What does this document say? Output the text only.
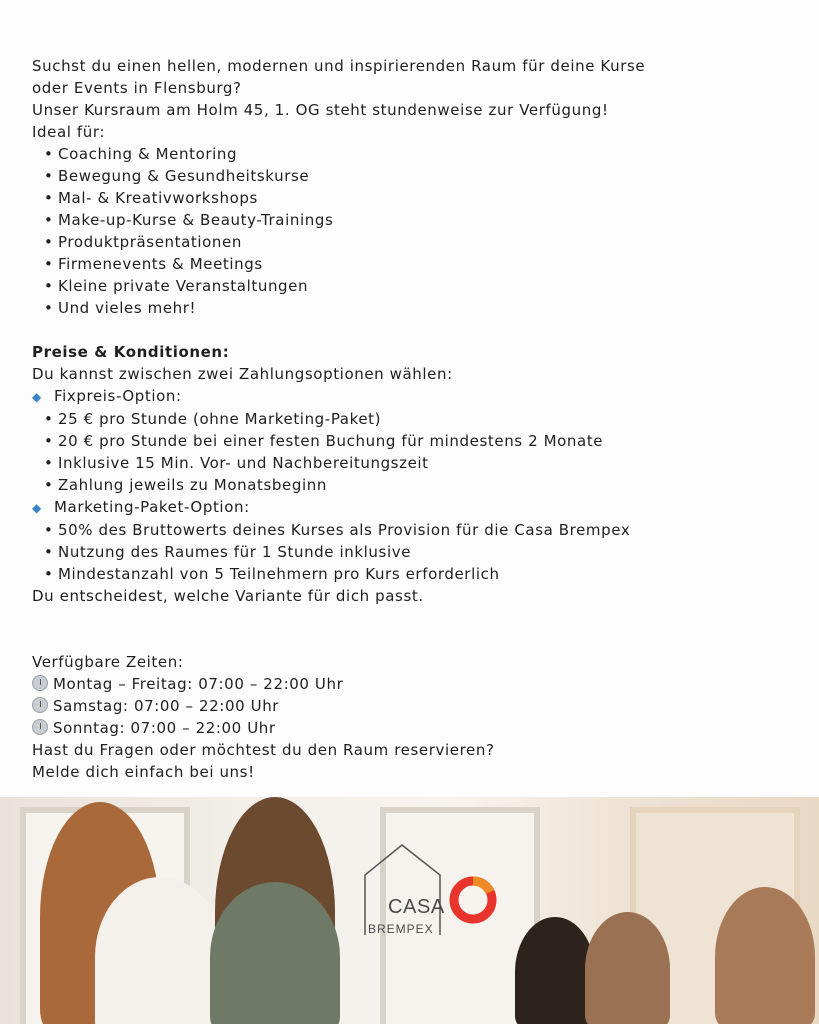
Suchst du einen hellen, modernen und inspirierenden Raum für deine Kurse
oder Events in Flensburg?
Unser Kursraum am Holm 45, 1. OG steht stundenweise zur Verfügung!
Ideal für:
• Coaching & Mentoring
• Bewegung & Gesundheitskurse
• Mal- & Kreativworkshops
• Make-up-Kurse & Beauty-Trainings
• Produktpräsentationen
• Firmenevents & Meetings
• Kleine private Veranstaltungen
• Und vieles mehr!
Preise & Konditionen:
Du kannst zwischen zwei Zahlungsoptionen wählen:
◆ Fixpreis-Option:
• 25 € pro Stunde (ohne Marketing-Paket)
• 20 € pro Stunde bei einer festen Buchung für mindestens 2 Monate
• Inklusive 15 Min. Vor- und Nachbereitungszeit
• Zahlung jeweils zu Monatsbeginn
◆ Marketing-Paket-Option:
• 50% des Bruttowerts deines Kurses als Provision für die Casa Brempex
• Nutzung des Raumes für 1 Stunde inklusive
• Mindestanzahl von 5 Teilnehmern pro Kurs erforderlich
Du entscheidest, welche Variante für dich passt.
Verfügbare Zeiten:
Montag – Freitag: 07:00 – 22:00 Uhr
Samstag: 07:00 – 22:00 Uhr
Sonntag: 07:00 – 22:00 Uhr
Hast du Fragen oder möchtest du den Raum reservieren?
Melde dich einfach bei uns!
CASA
BREMPEX
